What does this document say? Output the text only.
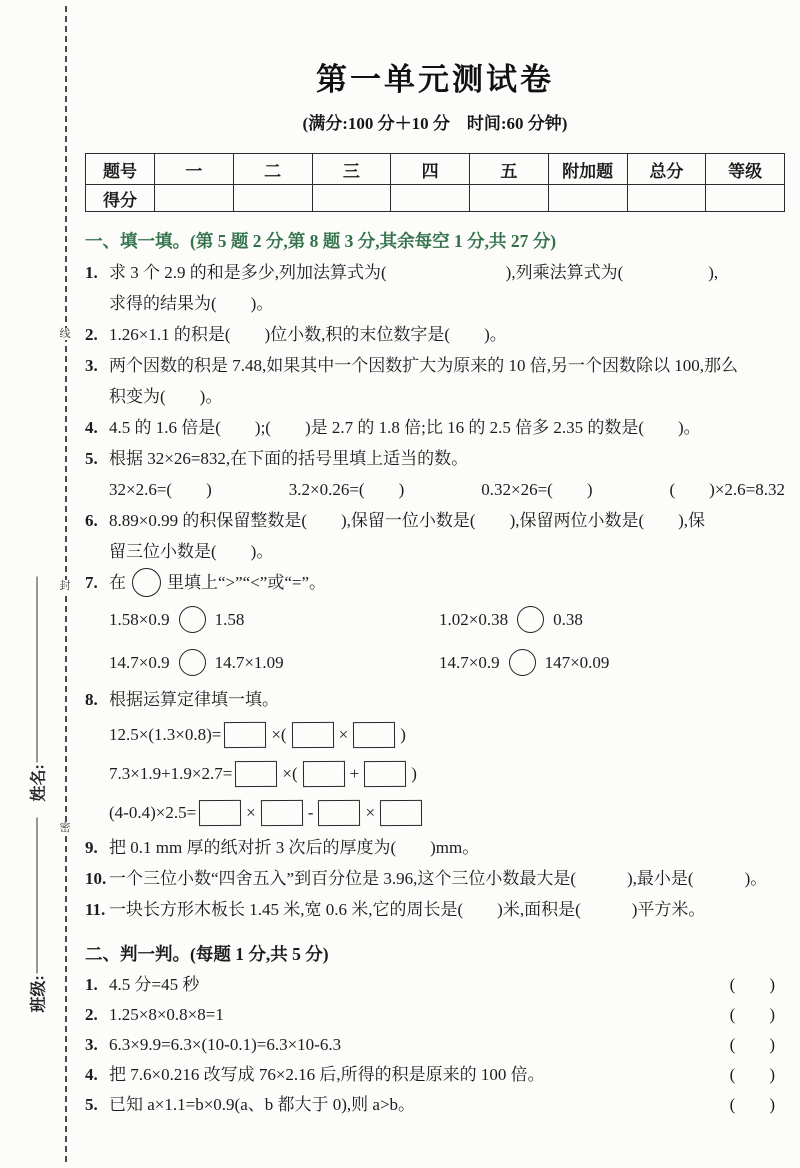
线
封
密
姓名:
班级:
第一单元测试卷
(满分:100 分＋10 分　时间:60 分钟)
题号	一	二	三	四	五	附加题	总分	等级
得分								
一、填一填。(第 5 题 2 分,第 8 题 3 分,其余每空 1 分,共 27 分)
1. 求 3 个 2.9 的和是多少,列加法算式为(　　　　　　　),列乘法算式为(　　　　　),
求得的结果为(　　)。
2. 1.26×1.1 的积是(　　)位小数,积的末位数字是(　　)。
3. 两个因数的积是 7.48,如果其中一个因数扩大为原来的 10 倍,另一个因数除以 100,那么
积变为(　　)。
4. 4.5 的 1.6 倍是(　　);(　　)是 2.7 的 1.8 倍;比 16 的 2.5 倍多 2.35 的数是(　　)。
5. 根据 32×26=832,在下面的括号里填上适当的数。
32×2.6=(　　)	3.2×0.26=(　　)	0.32×26=(　　)	(　　)×2.6=8.32
6. 8.89×0.99 的积保留整数是(　　),保留一位小数是(　　),保留两位小数是(　　),保
留三位小数是(　　)。
7. 在 里填上“>”“<”或“=”。
1.58×0.9	1.58	1.02×0.38	0.38
14.7×0.9	14.7×1.09	14.7×0.9	147×0.09
8. 根据运算定律填一填。
12.5×(1.3×0.8)=	×(	×	)
7.3×1.9+1.9×2.7=	×(	+	)
(4-0.4)×2.5=	×	-	×
9. 把 0.1 mm 厚的纸对折 3 次后的厚度为(　　)mm。
10. 一个三位小数“四舍五入”到百分位是 3.96,这个三位小数最大是(　　　),最小是(　　　)。
11. 一块长方形木板长 1.45 米,宽 0.6 米,它的周长是(　　)米,面积是(　　　)平方米。
二、判一判。(每题 1 分,共 5 分)
1. 4.5 分=45 秒	(　　)
2. 1.25×8×0.8×8=1	(　　)
3. 6.3×9.9=6.3×(10-0.1)=6.3×10-6.3	(　　)
4. 把 7.6×0.216 改写成 76×2.16 后,所得的积是原来的 100 倍。	(　　)
5. 已知 a×1.1=b×0.9(a、b 都大于 0),则 a>b。	(　　)
